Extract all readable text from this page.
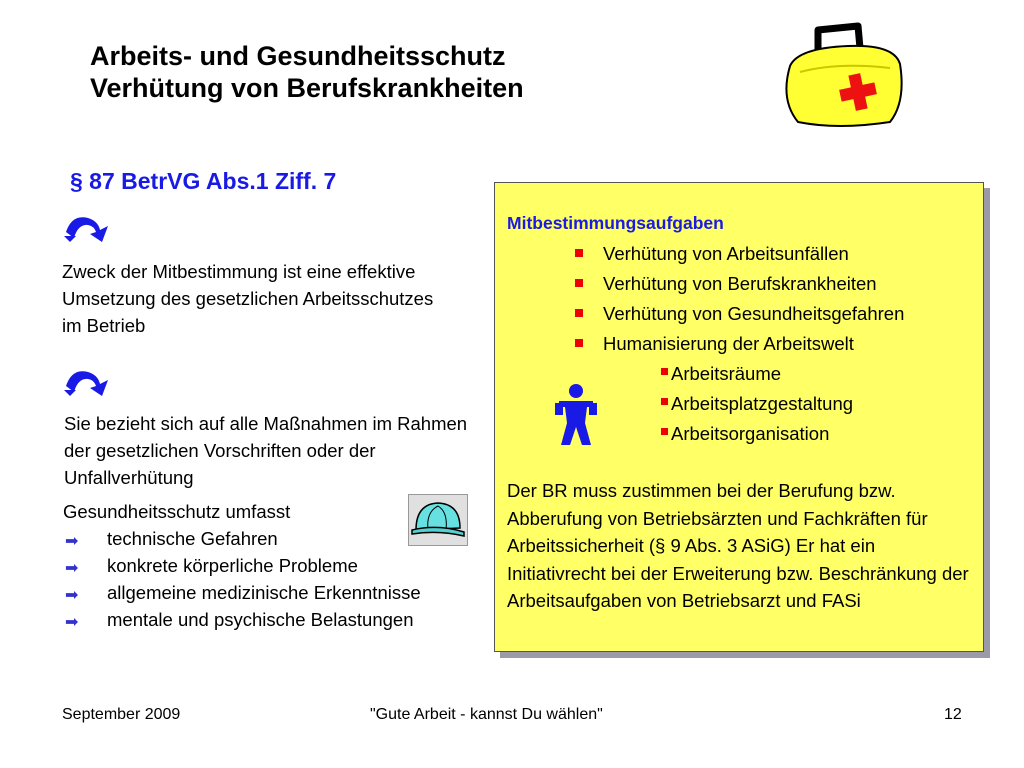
Arbeits- und Gesundheitsschutz
Verhütung von Berufskrankheiten
§ 87 BetrVG Abs.1 Ziff. 7

Zweck der Mitbestimmung ist eine effektive Umsetzung des gesetzlichen Arbeitsschutzes im Betrieb

Sie bezieht sich auf alle Maßnahmen im Rahmen der gesetzlichen Vorschriften oder der Unfallverhütung

Gesundheitsschutz umfasst

➡ technische Gefahren
➡ konkrete körperliche Probleme
➡ allgemeine medizinische Erkenntnisse
➡ mentale und psychische Belastungen
Mitbestimmungsaufgaben
Verhütung von Arbeitsunfällen
Verhütung von Berufskrankheiten
Verhütung von Gesundheitsgefahren
Humanisierung der Arbeitswelt
Arbeitsräume
Arbeitsplatzgestaltung
Arbeitsorganisation

Der BR muss zustimmen bei der Berufung bzw. Abberufung von Betriebsärzten und Fachkräften für Arbeitssicherheit (§ 9 Abs. 3 ASiG) Er hat ein Initiativrecht bei der Erweiterung bzw. Beschränkung der Arbeitsaufgaben von Betriebsarzt und FASi

September 2009	"Gute Arbeit - kannst Du wählen"	12
